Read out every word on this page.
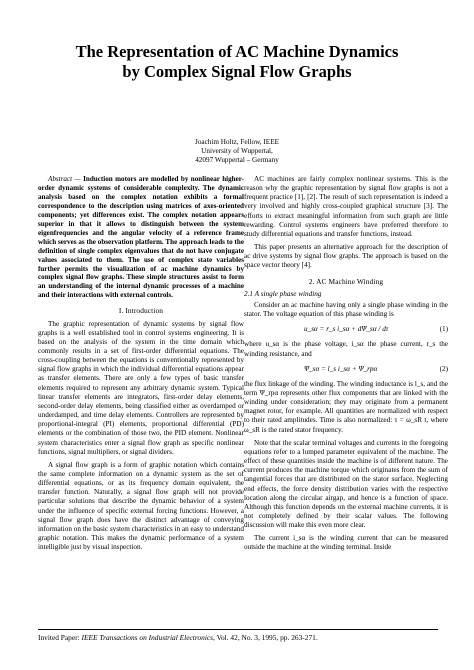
The Representation of AC Machine Dynamics
by Complex Signal Flow Graphs
Joachim Holtz, Fellow, IEEE
University of Wuppertal,
42097 Wuppertal – Germany

Abstract — Induction motors are modelled by nonlinear higher-order dynamic systems of considerable complexity. The dynamic analysis based on the complex notation exhibits a formal correspondence to the description using matrices of axes-oriented components; yet differences exist. The complex notation appears superior in that it allows to distinguish between the system eigenfrequencies and the angular velocity of a reference frame which serves as the observation platform. The approach leads to the definition of single complex eigenvalues that do not have conjugate values associated to them. The use of complex state variables further permits the visualization of ac machine dynamics by complex signal flow graphs. These simple structures assist to form an understanding of the internal dynamic processes of a machine and their interactions with external controls.

I. Introduction

The graphic representation of dynamic systems by signal flow graphs is a well established tool in control systems engineering. It is based on the analysis of the system in the time domain which commonly results in a set of first-order differential equations. The cross-coupling between the equations is conventionally represented by signal flow graphs in which the individual differential equations appear as transfer elements. There are only a few types of basic transfer elements required to represent any arbitrary dynamic system. Typical linear transfer elements are integrators, first-order delay elements, second-order delay elements, being classified either as overdamped or underdamped, and time delay elements. Controllers are represented by proportional-integral (PI) elements, proportional differential (PD) elements or the combination of those two, the PID element. Nonlinear system characteristics enter a signal flow graph as specific nonlinear functions, signal multipliers, or signal dividers.

A signal flow graph is a form of graphic notation which contains the same complete information on a dynamic system as the set of differential equations, or as its frequency domain equivalent, the transfer function. Naturally, a signal flow graph will not provide particular solutions that describe the dynamic behavior of a system under the influence of specific external forcing functions. However, a signal flow graph does have the distinct advantage of conveying information on the basic system characteristics in an easy to understand graphic notation. This makes the dynamic performance of a system intelligible just by visual inspection.

AC machines are fairly complex nonlinear systems. This is the reason why the graphic representation by signal flow graphs is not a frequent practice [1], [2]. The result of such representation is indeed a very involved and highly cross-coupled graphical structure [3]. The efforts to extract meaningful information from such graph are little rewarding. Control systems engineers have preferred therefore to study differential equations and transfer functions, instead.

This paper presents an alternative approach for the description of ac drive systems by signal flow graphs. The approach is based on the space vector theory [4].

2. AC Machine Winding
2.1 A single phase winding

Consider an ac machine having only a single phase winding in the stator. The voltage equation of this phase winding is

u_sα = r_s i_sα + dΨ_sα / dτ	(1)

where u_sα is the phase voltage, i_sα the phase current, r_s the winding resistance, and

Ψ_sα = l_s i_sα + Ψ_rpα	(2)

the flux linkage of the winding. The winding inductance is l_s, and the term Ψ_rpα represents other flux components that are linked with the winding under consideration; they may originate from a permanent magnet rotor, for example. All quantities are normalized with respect to their rated amplitudes. Time is also normalized: τ = ω_sR t, where ω_sR is the rated stator frequency.

Note that the scalar terminal voltages and currents in the foregoing equations refer to a lumped parameter equivalent of the machine. The effect of these quantities inside the machine is of different nature. The current produces the machine torque which originates from the sum of tangential forces that are distributed on the stator surface. Neglecting end effects, the force density distribution varies with the respective location along the circular airgap, and hence is a function of space. Although this function depends on the external machine currents, it is not completely defined by their scalar values. The following discussion will make this even more clear.

The current i_sα is the winding current that can be measured outside the machine at the winding terminal. Inside

Invited Paper: IEEE Transactions on Industrial Electronics, Vol. 42, No. 3, 1995, pp. 263-271.
